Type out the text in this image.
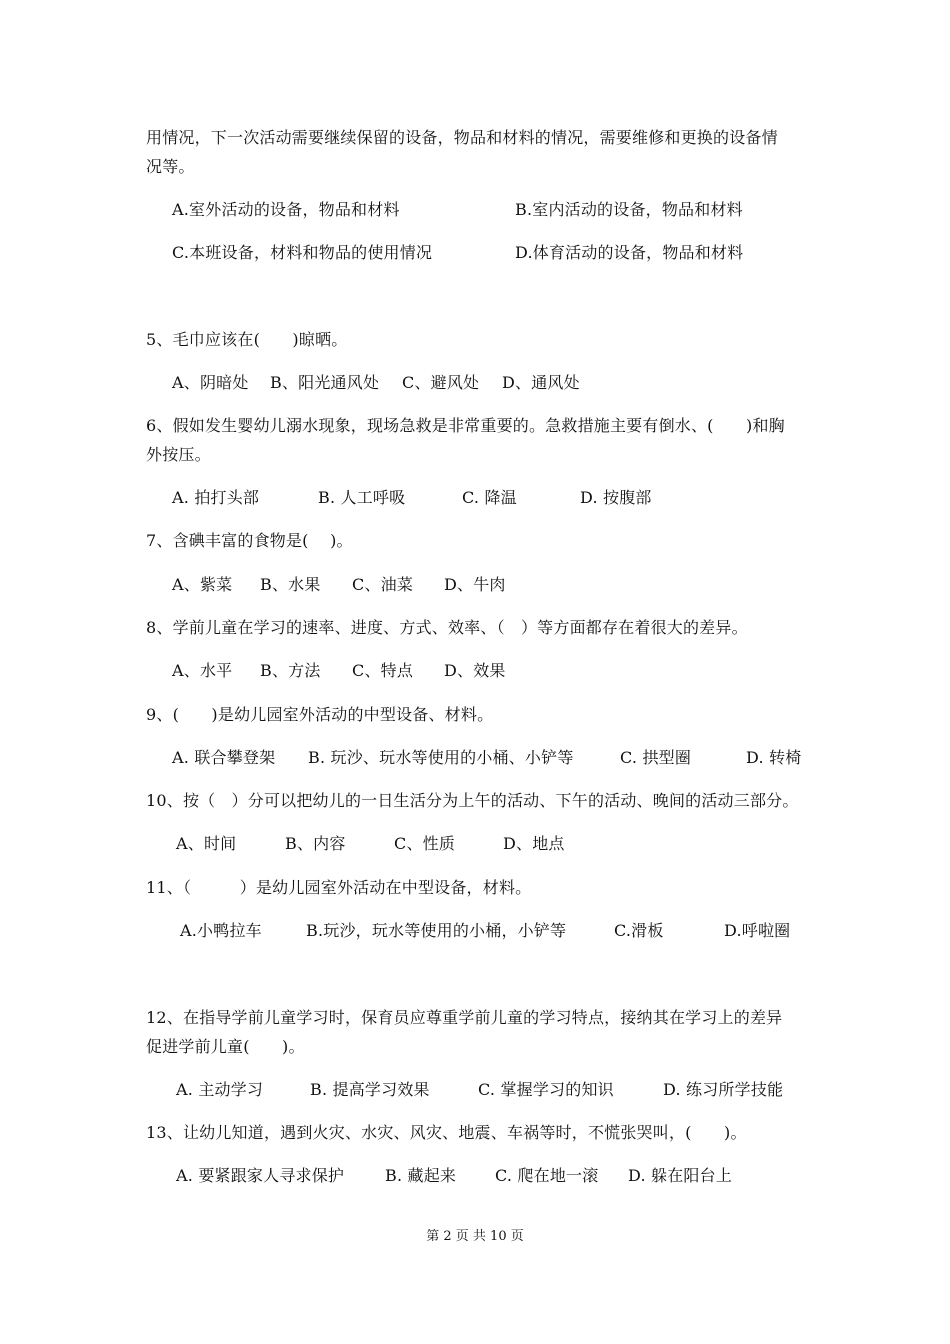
用情况，下一次活动需要继续保留的设备，物品和材料的情况，需要维修和更换的设备情
况等。
A.室外活动的设备，物品和材料	B.室内活动的设备，物品和材料
C.本班设备，材料和物品的使用情况	D.体育活动的设备，物品和材料
5、毛巾应该在(　　)晾晒。
A、阴暗处 B、阳光通风处 C、避风处 D、通风处
6、假如发生婴幼儿溺水现象，现场急救是非常重要的。急救措施主要有倒水、(　　)和胸
外按压。
A. 拍打头部	B. 人工呼吸	C. 降温	D. 按腹部
7、含碘丰富的食物是(　 )。
A、紫菜 B、水果 C、油菜 D、牛肉
8、学前儿童在学习的速率、进度、方式、效率、（　）等方面都存在着很大的差异。
A、水平 B、方法 C、特点 D、效果
9、(　　)是幼儿园室外活动的中型设备、材料。
A. 联合攀登架 B. 玩沙、玩水等使用的小桶、小铲等	C. 拱型圈	D. 转椅
10、按（　）分可以把幼儿的一日生活分为上午的活动、下午的活动、晚间的活动三部分。
A、时间	B、内容	C、性质	D、地点
11、（　　　）是幼儿园室外活动在中型设备，材料。
A.小鸭拉车	B.玩沙，玩水等使用的小桶，小铲等	C.滑板	D.呼啦圈
12、在指导学前儿童学习时，保育员应尊重学前儿童的学习特点，接纳其在学习上的差异
促进学前儿童(　　)。
A. 主动学习	B. 提高学习效果	C. 掌握学习的知识	D. 练习所学技能
13、让幼儿知道，遇到火灾、水灾、风灾、地震、车祸等时，不慌张哭叫，(　　)。
A. 要紧跟家人寻求保护	B. 藏起来 C. 爬在地一滚 D. 躲在阳台上
第 2 页 共 10 页
